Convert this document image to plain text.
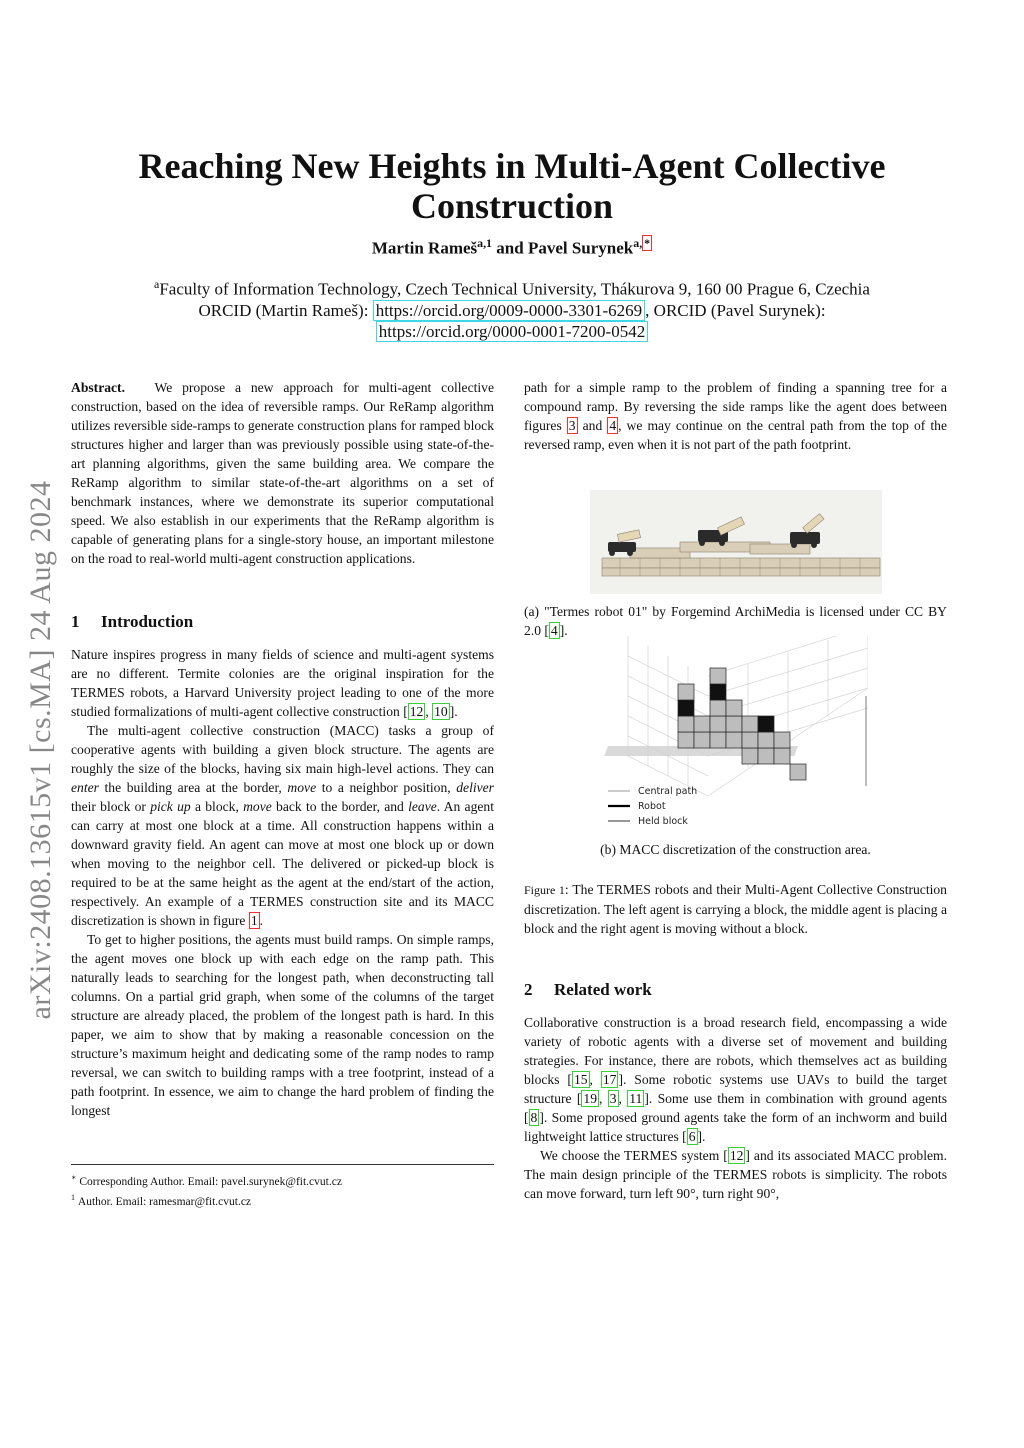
arXiv:2408.13615v1 [cs.MA] 24 Aug 2024
Reaching New Heights in Multi-Agent Collective
Construction
Martin Rameš$^{a,1}$ and Pavel Surynek$^{a, *}$
$^a$Faculty of Information Technology, Czech Technical University, Thákurova 9, 160 00 Prague 6, Czechia
ORCID (Martin Rameš): https://orcid.org/0009-0000-3301-6269 , ORCID (Pavel Surynek):
https://orcid.org/0000-0001-7200-0542

Abstract. We propose a new approach for multi-agent collective construction, based on the idea of reversible ramps. Our ReRamp algorithm utilizes reversible side-ramps to generate construction plans for ramped block structures higher and larger than was previously possible using state-of-the-art planning algorithms, given the same building area. We compare the ReRamp algorithm to similar state-of-the-art algorithms on a set of benchmark instances, where we demonstrate its superior computational speed. We also establish in our experiments that the ReRamp algorithm is capable of generating plans for a single-story house, an important milestone on the road to real-world multi-agent construction applications.

1 Introduction

Nature inspires progress in many fields of science and multi-agent systems are no different. Termite colonies are the original inspiration for the TERMES robots, a Harvard University project leading to one of the more studied formalizations of multi-agent collective construction [ 12 , 10 ].

The multi-agent collective construction (MACC) tasks a group of cooperative agents with building a given block structure. The agents are roughly the size of the blocks, having six main high-level actions. They can enter the building area at the border, move to a neighbor position, deliver their block or pick up a block, move back to the border, and leave. An agent can carry at most one block at a time. All construction happens within a downward gravity field. An agent can move at most one block up or down when moving to the neighbor cell. The delivered or picked-up block is required to be at the same height as the agent at the end/start of the action, respectively. An example of a TERMES construction site and its MACC discretization is shown in figure 1 .

To get to higher positions, the agents must build ramps. On simple ramps, the agent moves one block up with each edge on the ramp path. This naturally leads to searching for the longest path, when deconstructing tall columns. On a partial grid graph, when some of the columns of the target structure are already placed, the problem of the longest path is hard. In this paper, we aim to show that by making a reasonable concession on the structure’s maximum height and dedicating some of the ramp nodes to ramp reversal, we can switch to building ramps with a tree footprint, instead of a path footprint. In essence, we aim to change the hard problem of finding the longest

∗ Corresponding Author. Email: pavel.surynek@fit.cvut.cz
$^1$ Author. Email: ramesmar@fit.cvut.cz

path for a simple ramp to the problem of finding a spanning tree for a compound ramp. By reversing the side ramps like the agent does between figures 3 and 4 , we may continue on the central path from the top of the reversed ramp, even when it is not part of the path footprint.

(a) "Termes robot 01" by Forgemind ArchiMedia is licensed under CC BY 2.0 [ 4 ].
Central path
Robot
Held block
(b) MACC discretization of the construction area.
Figure 1: The TERMES robots and their Multi-Agent Collective Construction discretization. The left agent is carrying a block, the middle agent is placing a block and the right agent is moving without a block.
2 Related work

Collaborative construction is a broad research field, encompassing a wide variety of robotic agents with a diverse set of movement and building strategies. For instance, there are robots, which themselves act as building blocks [ 15 , 17 ]. Some robotic systems use UAVs to build the target structure [ 19 , 3 , 11 ]. Some use them in combination with ground agents [ 8 ]. Some proposed ground agents take the form of an inchworm and build lightweight lattice structures [ 6 ].

We choose the TERMES system [ 12 ] and its associated MACC problem. The main design principle of the TERMES robots is simplicity. The robots can move forward, turn left 90°, turn right 90°,
